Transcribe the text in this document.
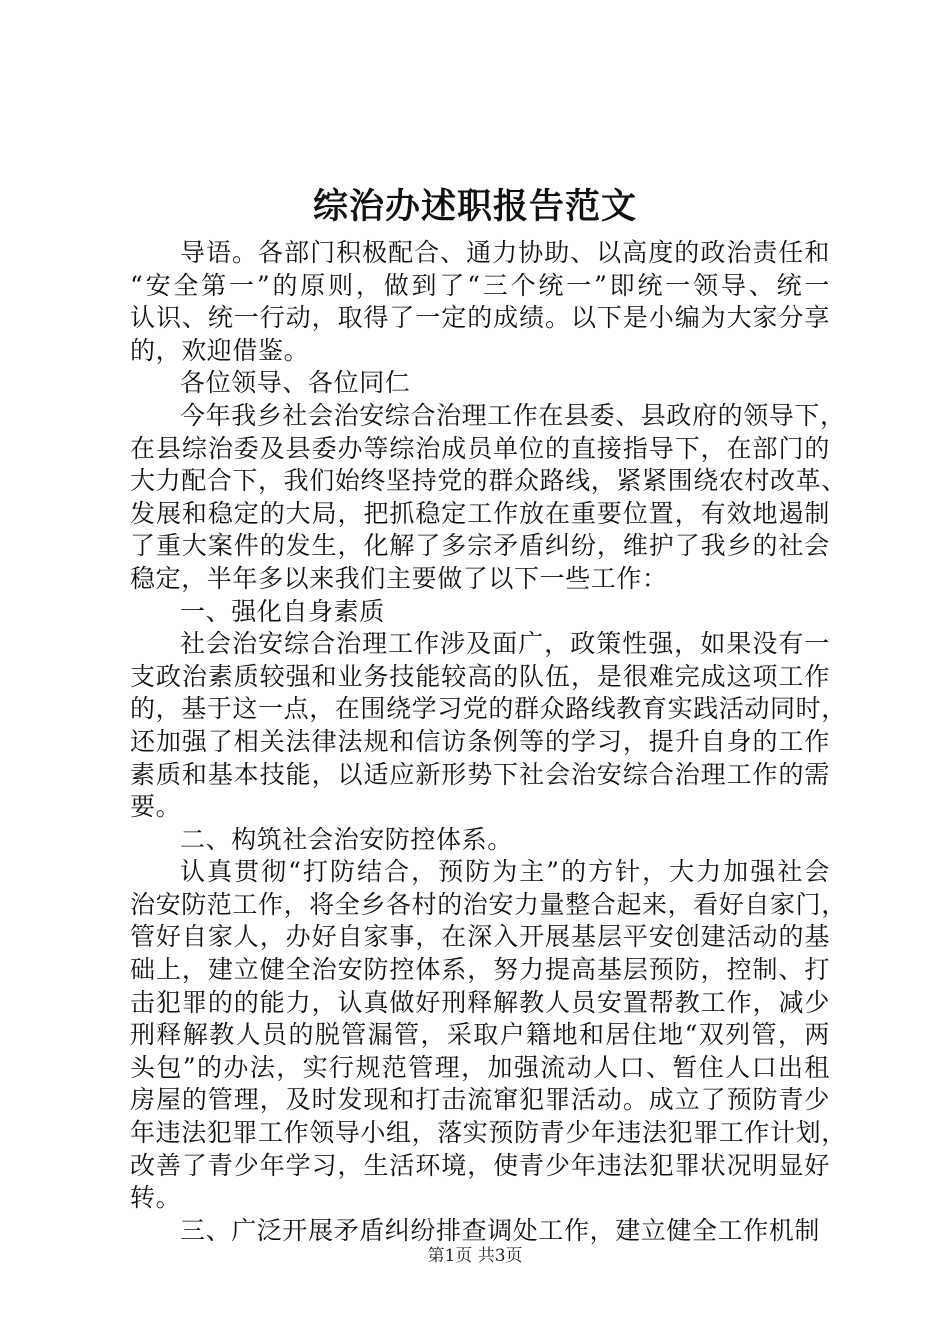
综治办述职报告范文
导语。各部门积极配合、通力协助、以高度的政治责任和
“安全第一”的原则，做到了“三个统一”即统一领导、统一
认识、统一行动，取得了一定的成绩。以下是小编为大家分享
的，欢迎借鉴。
各位领导、各位同仁
今年我乡社会治安综合治理工作在县委、县政府的领导下，
在县综治委及县委办等综治成员单位的直接指导下，在部门的
大力配合下，我们始终坚持党的群众路线，紧紧围绕农村改革、
发展和稳定的大局，把抓稳定工作放在重要位置，有效地遏制
了重大案件的发生，化解了多宗矛盾纠纷，维护了我乡的社会
稳定，半年多以来我们主要做了以下一些工作：
一、强化自身素质
社会治安综合治理工作涉及面广，政策性强，如果没有一
支政治素质较强和业务技能较高的队伍，是很难完成这项工作
的，基于这一点，在围绕学习党的群众路线教育实践活动同时，
还加强了相关法律法规和信访条例等的学习，提升自身的工作
素质和基本技能，以适应新形势下社会治安综合治理工作的需
要。
二、构筑社会治安防控体系。
认真贯彻“打防结合，预防为主”的方针，大力加强社会
治安防范工作，将全乡各村的治安力量整合起来，看好自家门，
管好自家人，办好自家事，在深入开展基层平安创建活动的基
础上，建立健全治安防控体系，努力提高基层预防，控制、打
击犯罪的的能力，认真做好刑释解教人员安置帮教工作，减少
刑释解教人员的脱管漏管，采取户籍地和居住地“双列管，两
头包”的办法，实行规范管理，加强流动人口、暂住人口出租
房屋的管理，及时发现和打击流窜犯罪活动。成立了预防青少
年违法犯罪工作领导小组，落实预防青少年违法犯罪工作计划，
改善了青少年学习，生活环境，使青少年违法犯罪状况明显好
转。
三、广泛开展矛盾纠纷排查调处工作，建立健全工作机制
第1页 共3页
